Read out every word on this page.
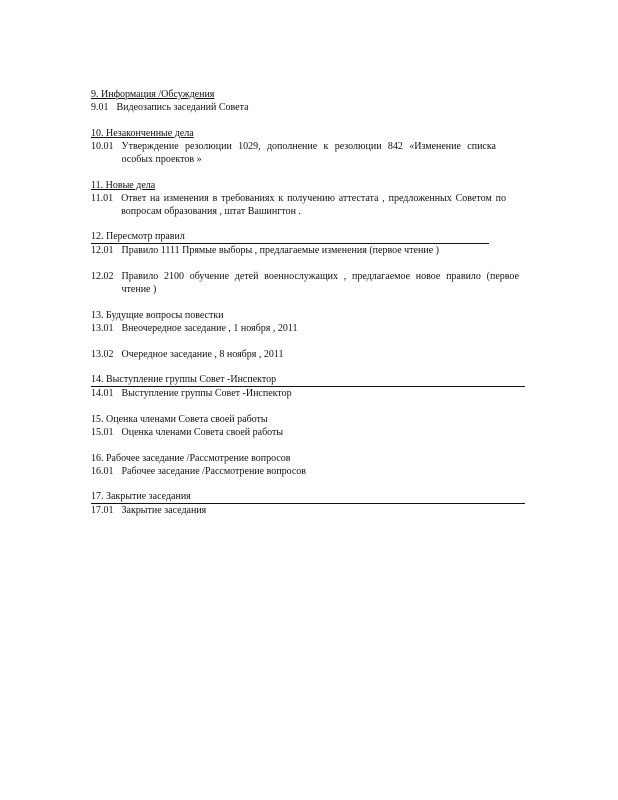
9. Информация /Обсуждения
9.01 Видеозапись заседаний Совета
10. Незаконченные дела
10.01 Утверждение резолюции 1029, дополнение к резолюции 842 «Изменение списка особых проектов »
11. Новые дела
11.01 Ответ на изменения в требованиях к получению аттестата , предложенных Советом по вопросам образования , штат Вашингтон .
12. Пересмотр правил
12.01 Правило 1111 Прямые выборы , предлагаемые изменения (первое чтение )
12.02 Правило 2100 обучение детей военнослужащих , предлагаемое новое правило (первое чтение )
13. Будущие вопросы повестки
13.01 Внеочередное заседание , 1 ноября , 2011
13.02 Очередное заседание , 8 ноября , 2011
14. Выступление группы Совет -Инспектор
14.01 Выступление группы Совет -Инспектор
15. Оценка членами Совета своей работы
15.01 Оценка членами Совета своей работы
16. Рабочее заседание /Рассмотрение вопросов
16.01 Рабочее заседание /Рассмотрение вопросов
17. Закрытие заседания
17.01 Закрытие заседания
